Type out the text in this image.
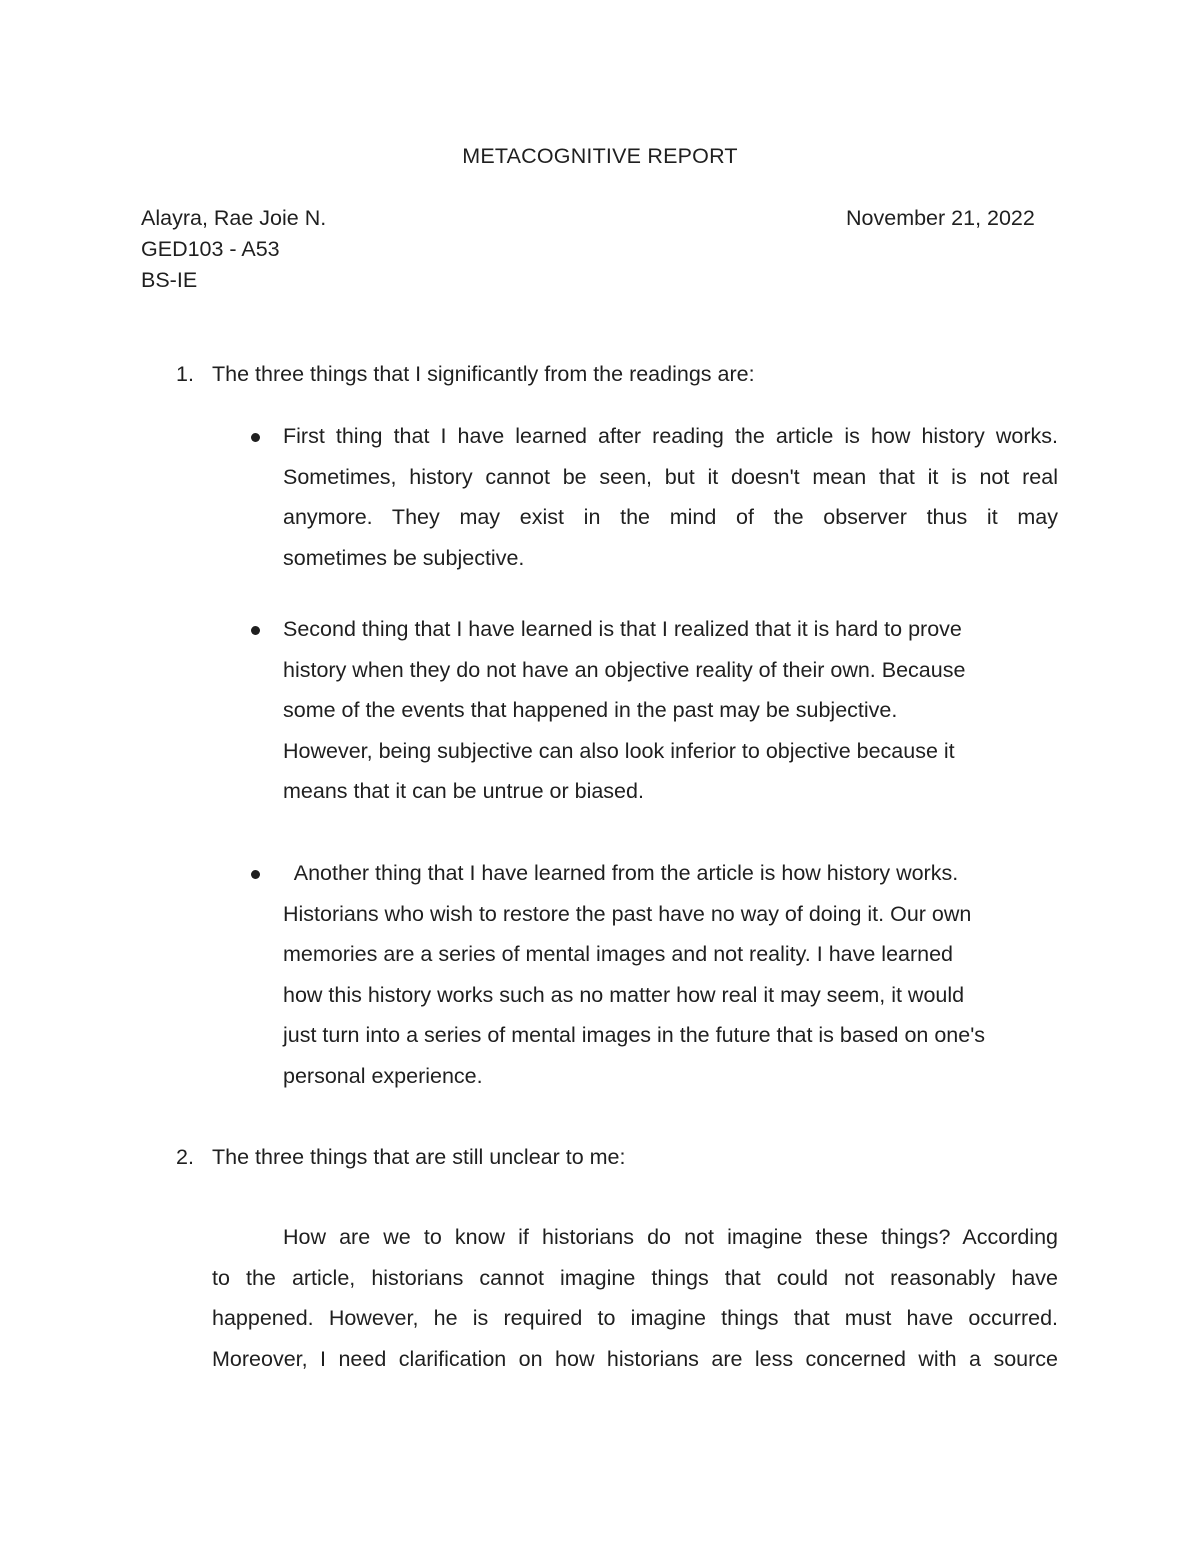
METACOGNITIVE REPORT
Alayra, Rae Joie N.	November 21, 2022
GED103 - A53
BS-IE
1. The three things that I significantly from the readings are:
First thing that I have learned after reading the article is how history works.
Sometimes, history cannot be seen, but it doesn't mean that it is not real
anymore. They may exist in the mind of the observer thus it may
sometimes be subjective.
Second thing that I have learned is that I realized that it is hard to prove
history when they do not have an objective reality of their own. Because
some of the events that happened in the past may be subjective.
However, being subjective can also look inferior to objective because it
means that it can be untrue or biased.
Another thing that I have learned from the article is how history works.
Historians who wish to restore the past have no way of doing it. Our own
memories are a series of mental images and not reality. I have learned
how this history works such as no matter how real it may seem, it would
just turn into a series of mental images in the future that is based on one's
personal experience.
2. The three things that are still unclear to me:
How are we to know if historians do not imagine these things? According
to the article, historians cannot imagine things that could not reasonably have
happened. However, he is required to imagine things that must have occurred.
Moreover, I need clarification on how historians are less concerned with a source
